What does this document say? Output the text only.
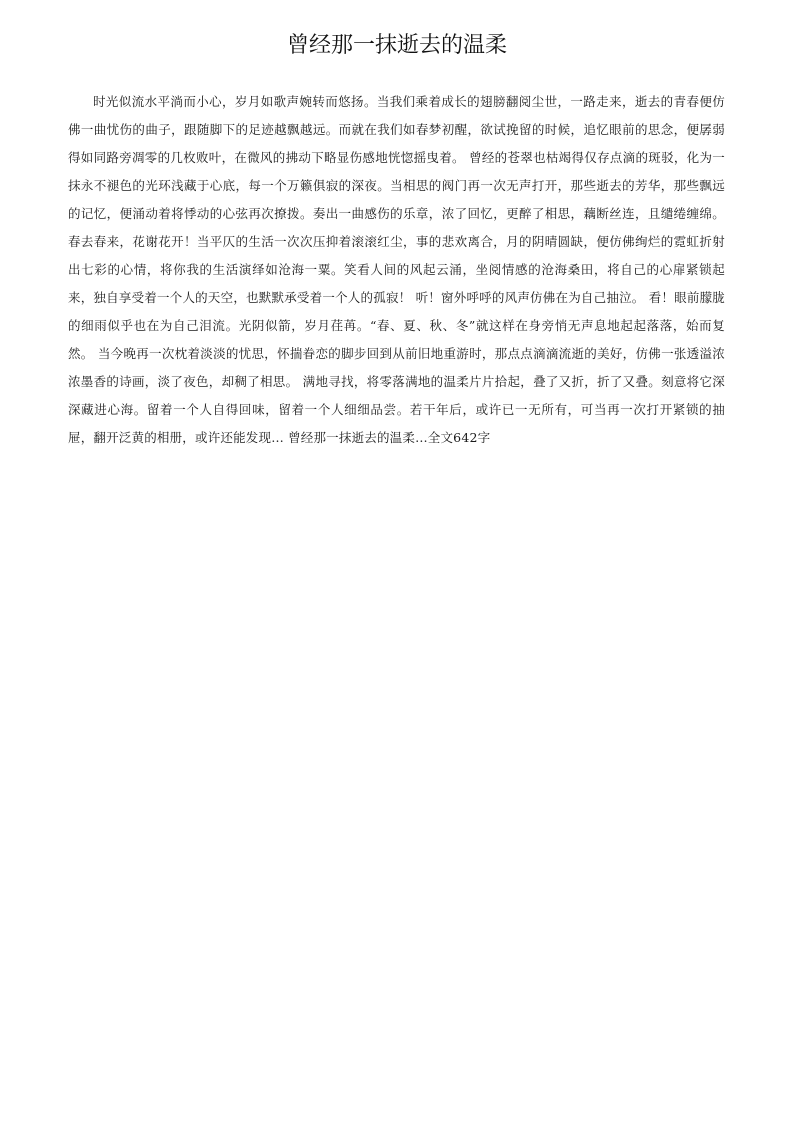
曾经那一抹逝去的温柔

时光似流水平淌而小心，岁月如歌声婉转而悠扬。当我们乘着成长的翅膀翻阅尘世，一路走来，逝去的青春便仿佛一曲忧伤的曲子，跟随脚下的足迹越飘越远。而就在我们如春梦初醒，欲试挽留的时候，追忆眼前的思念，便孱弱得如同路旁凋零的几枚败叶，在微风的拂动下略显伤感地恍惚摇曳着。 曾经的苍翠也枯竭得仅存点滴的斑驳，化为一抹永不褪色的光环浅藏于心底，每一个万籁俱寂的深夜。当相思的阀门再一次无声打开，那些逝去的芳华，那些飘远的记忆，便涌动着将悸动的心弦再次撩拨。奏出一曲感伤的乐章，浓了回忆，更醉了相思，藕断丝连，且缱绻缠绵。 春去春来，花谢花开！当平仄的生活一次次压抑着滚滚红尘，事的悲欢离合，月的阴晴圆缺，便仿佛绚烂的霓虹折射出七彩的心情，将你我的生活演绎如沧海一粟。笑看人间的风起云涌，坐阅情感的沧海桑田，将自己的心扉紧锁起来，独自享受着一个人的天空，也默默承受着一个人的孤寂！ 听！窗外呼呼的风声仿佛在为自己抽泣。 看！眼前朦胧的细雨似乎也在为自己泪流。光阴似箭，岁月荏苒。“春、夏、秋、冬”就这样在身旁悄无声息地起起落落，始而复然。 当今晚再一次枕着淡淡的忧思，怀揣眷恋的脚步回到从前旧地重游时，那点点滴滴流逝的美好，仿佛一张透溢浓浓墨香的诗画，淡了夜色，却稠了相思。 满地寻找，将零落满地的温柔片片拾起，叠了又折，折了又叠。刻意将它深深藏进心海。留着一个人自得回味，留着一个人细细品尝。若干年后，或许已一无所有，可当再一次打开紧锁的抽屉，翻开泛黄的相册，或许还能发现… 曾经那一抹逝去的温柔…全文642字
